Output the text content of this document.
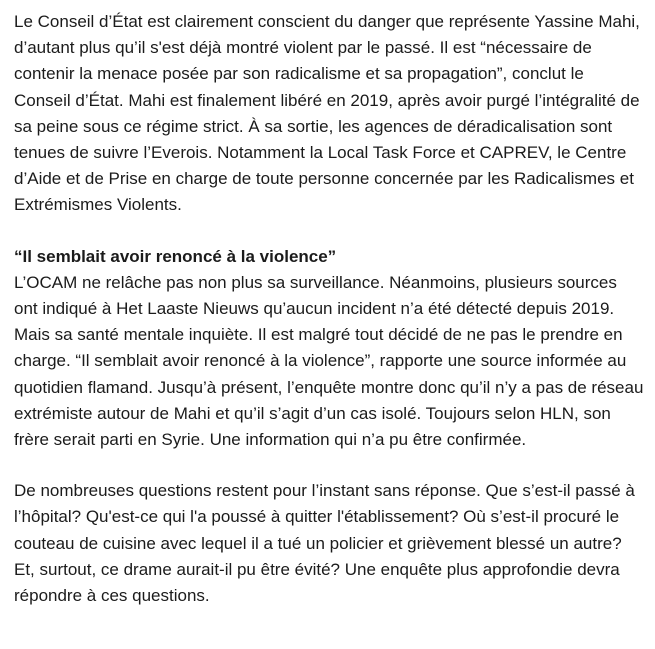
Le Conseil d’État est clairement conscient du danger que représente Yassine Mahi, d’autant plus qu’il s'est déjà montré violent par le passé. Il est “nécessaire de contenir la menace posée par son radicalisme et sa propagation”, conclut le Conseil d’État. Mahi est finalement libéré en 2019, après avoir purgé l’intégralité de sa peine sous ce régime strict. À sa sortie, les agences de déradicalisation sont tenues de suivre l’Everois. Notamment la Local Task Force et CAPREV, le Centre d’Aide et de Prise en charge de toute personne concernée par les Radicalismes et Extrémismes Violents.

“Il semblait avoir renoncé à la violence”

L’OCAM ne relâche pas non plus sa surveillance. Néanmoins, plusieurs sources ont indiqué à Het Laaste Nieuws qu’aucun incident n’a été détecté depuis 2019. Mais sa santé mentale inquiète. Il est malgré tout décidé de ne pas le prendre en charge. “Il semblait avoir renoncé à la violence”, rapporte une source informée au quotidien flamand. Jusqu’à présent, l’enquête montre donc qu’il n’y a pas de réseau extrémiste autour de Mahi et qu’il s’agit d’un cas isolé. Toujours selon HLN, son frère serait parti en Syrie. Une information qui n’a pu être confirmée.

De nombreuses questions restent pour l’instant sans réponse. Que s’est-il passé à l’hôpital? Qu'est-ce qui l'a poussé à quitter l'établissement? Où s’est-il procuré le couteau de cuisine avec lequel il a tué un policier et grièvement blessé un autre? Et, surtout, ce drame aurait-il pu être évité? Une enquête plus approfondie devra répondre à ces questions.
